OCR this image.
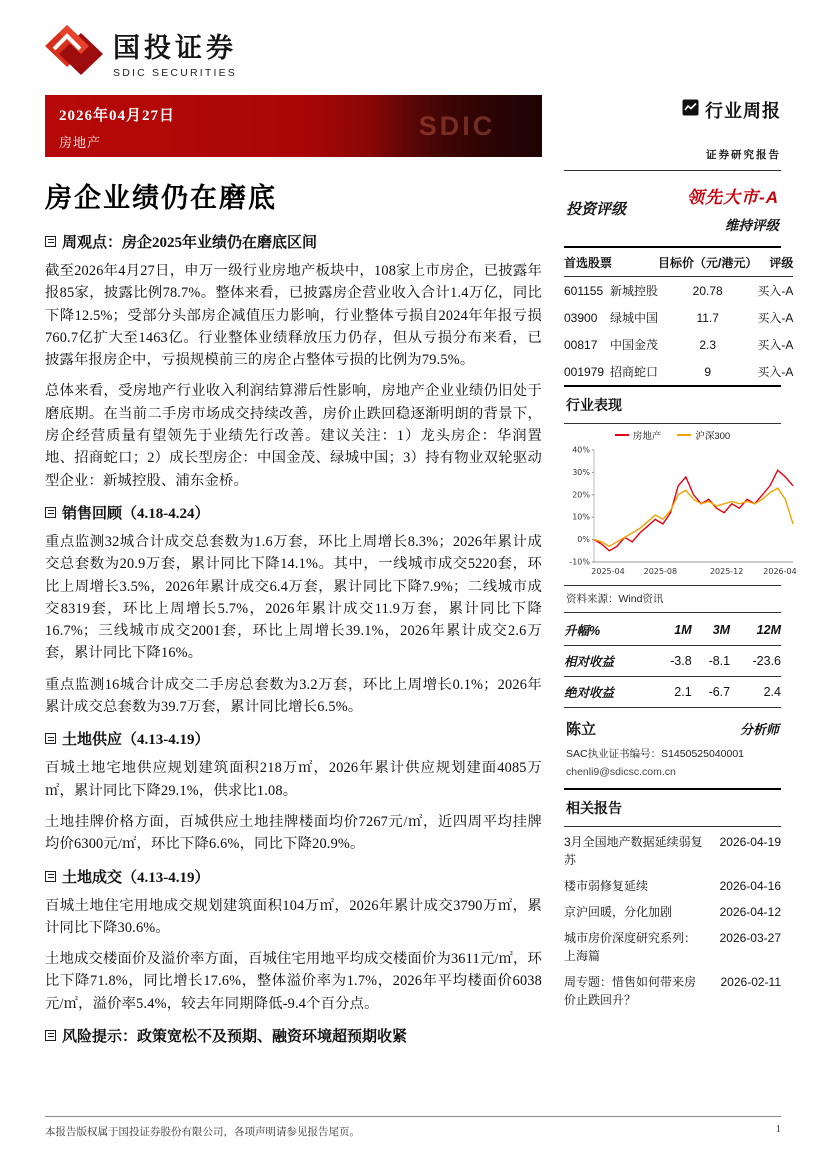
国投证券
SDIC SECURITIES
SDIC
2026年04月27日
房地产
行业周报
证券研究报告
房企业绩仍在磨底
周观点：房企2025年业绩仍在磨底区间

截至2026年4月27日，申万一级行业房地产板块中，108家上市房企，已披露年报85家，披露比例78.7%。整体来看，已披露房企营业收入合计1.4万亿，同比下降12.5%；受部分头部房企减值压力影响，行业整体亏损自2024年年报亏损760.7亿扩大至1463亿。行业整体业绩释放压力仍存，但从亏损分布来看，已披露年报房企中，亏损规模前三的房企占整体亏损的比例为79.5%。

总体来看，受房地产行业收入利润结算滞后性影响，房地产企业业绩仍旧处于磨底期。在当前二手房市场成交持续改善，房价止跌回稳逐渐明朗的背景下，房企经营质量有望领先于业绩先行改善。建议关注：1）龙头房企：华润置地、招商蛇口；2）成长型房企：中国金茂、绿城中国；3）持有物业双轮驱动型企业：新城控股、浦东金桥。

销售回顾（4.18-4.24）

重点监测32城合计成交总套数为1.6万套，环比上周增长8.3%；2026年累计成交总套数为20.9万套，累计同比下降14.1%。其中，一线城市成交5220套，环比上周增长3.5%，2026年累计成交6.4万套，累计同比下降7.9%；二线城市成交8319套，环比上周增长5.7%，2026年累计成交11.9万套，累计同比下降16.7%；三线城市成交2001套，环比上周增长39.1%，2026年累计成交2.6万套，累计同比下降16%。

重点监测16城合计成交二手房总套数为3.2万套，环比上周增长0.1%；2026年累计成交总套数为39.7万套，累计同比增长6.5%。

土地供应（4.13-4.19）

百城土地宅地供应规划建筑面积218万㎡，2026年累计供应规划建面4085万㎡，累计同比下降29.1%，供求比1.08。

土地挂牌价格方面，百城供应土地挂牌楼面均价7267元/㎡，近四周平均挂牌均价6300元/㎡，环比下降6.6%，同比下降20.9%。

土地成交（4.13-4.19）

百城土地住宅用地成交规划建筑面积104万㎡，2026年累计成交3790万㎡，累计同比下降30.6%。

土地成交楼面价及溢价率方面，百城住宅用地平均成交楼面价为3611元/㎡，环比下降71.8%，同比增长17.6%，整体溢价率为1.7%，2026年平均楼面价6038元/㎡，溢价率5.4%，较去年同期降低-9.4个百分点。

风险提示：政策宽松不及预期、融资环境超预期收紧
投资评级
领先大市-A
维持评级
首选股票	目标价（元/港元）	评级
601155 新城控股	20.78	买入-A
03900 绿城中国	11.7	买入-A
00817 中国金茂	2.3	买入-A
001979 招商蛇口	9	买入-A
行业表现
房地产	沪深300
40%
30%
20%
10%
0%
-10%
2025-04 2025-08	2025-12 2026-04
资料来源：Wind资讯
升幅%	1M	3M	12M
相对收益	-3.8	-8.1	-23.6
绝对收益	2.1	-6.7	2.4
陈立	分析师
SAC执业证书编号：S1450525040001
chenli9@sdicsc.com.cn
相关报告
3月全国地产数据延续弱复苏
2026-04-19
楼市弱修复延续	2026-04-16
京沪回暖，分化加剧	2026-04-12
城市房价深度研究系列：上海篇
2026-03-27
周专题：惜售如何带来房价止跌回升？
2026-02-11
本报告版权属于国投证券股份有限公司，各项声明请参见报告尾页。	1
